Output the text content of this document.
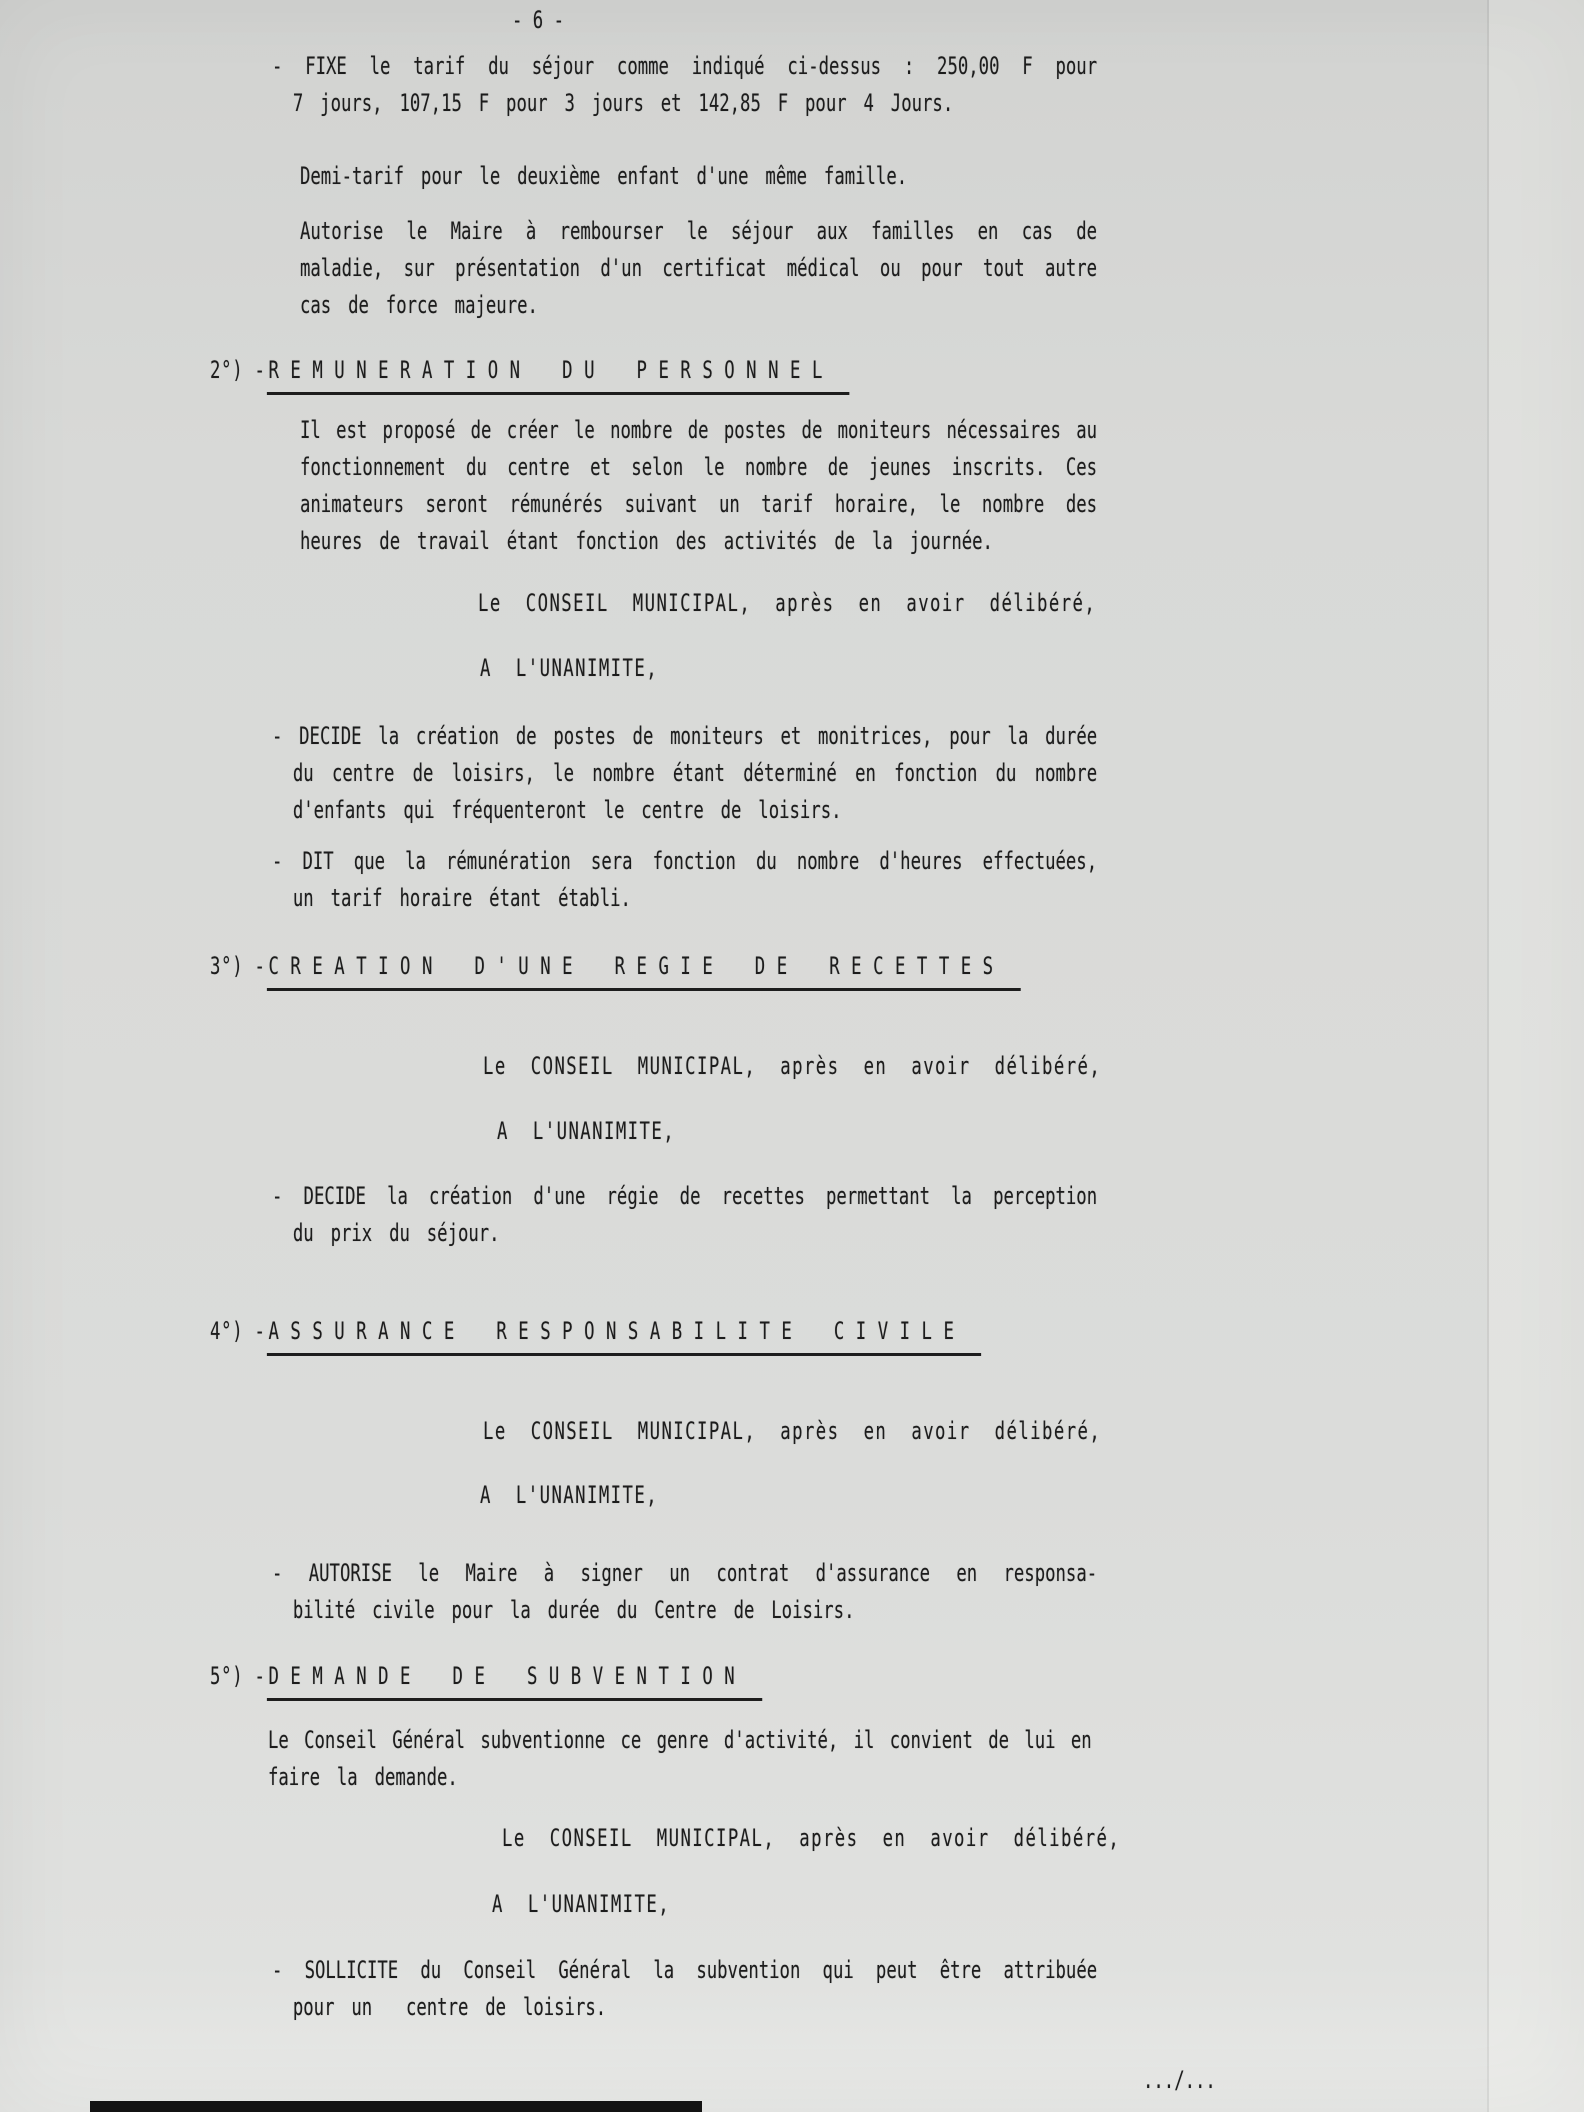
- 6 -
- FIXE le tarif du séjour comme indiqué ci-dessus : 250,00 F pour
7 jours, 107,15 F pour 3 jours et 142,85 F pour 4 Jours.
Demi-tarif pour le deuxième enfant d'une même famille.
Autorise le Maire à rembourser le séjour aux familles en cas de
maladie, sur présentation d'un certificat médical ou pour tout autre
cas de force majeure.
2°) -REMUNERATION DU PERSONNEL
Il est proposé de créer le nombre de postes de moniteurs nécessaires au
fonctionnement du centre et selon le nombre de jeunes inscrits. Ces
animateurs seront rémunérés suivant un tarif horaire, le nombre des
heures de travail étant fonction des activités de la journée.
Le CONSEIL MUNICIPAL, après en avoir délibéré,
A L'UNANIMITE,
- DECIDE la création de postes de moniteurs et monitrices, pour la durée
du centre de loisirs, le nombre étant déterminé en fonction du nombre
d'enfants qui fréquenteront le centre de loisirs.
- DIT que la rémunération sera fonction du nombre d'heures effectuées,
un tarif horaire étant établi.
3°) -CREATION D'UNE REGIE DE RECETTES
Le CONSEIL MUNICIPAL, après en avoir délibéré,
A L'UNANIMITE,
- DECIDE la création d'une régie de recettes permettant la perception
du prix du séjour.
4°) -ASSURANCE RESPONSABILITE CIVILE
Le CONSEIL MUNICIPAL, après en avoir délibéré,
A L'UNANIMITE,
- AUTORISE le Maire à signer un contrat d'assurance en responsa-
bilité civile pour la durée du Centre de Loisirs.
5°) -DEMANDE DE SUBVENTION
Le Conseil Général subventionne ce genre d'activité, il convient de lui en
faire la demande.
Le CONSEIL MUNICIPAL, après en avoir délibéré,
A L'UNANIMITE,
- SOLLICITE du Conseil Général la subvention qui peut être attribuée
pour un  centre de loisirs.
.../...
